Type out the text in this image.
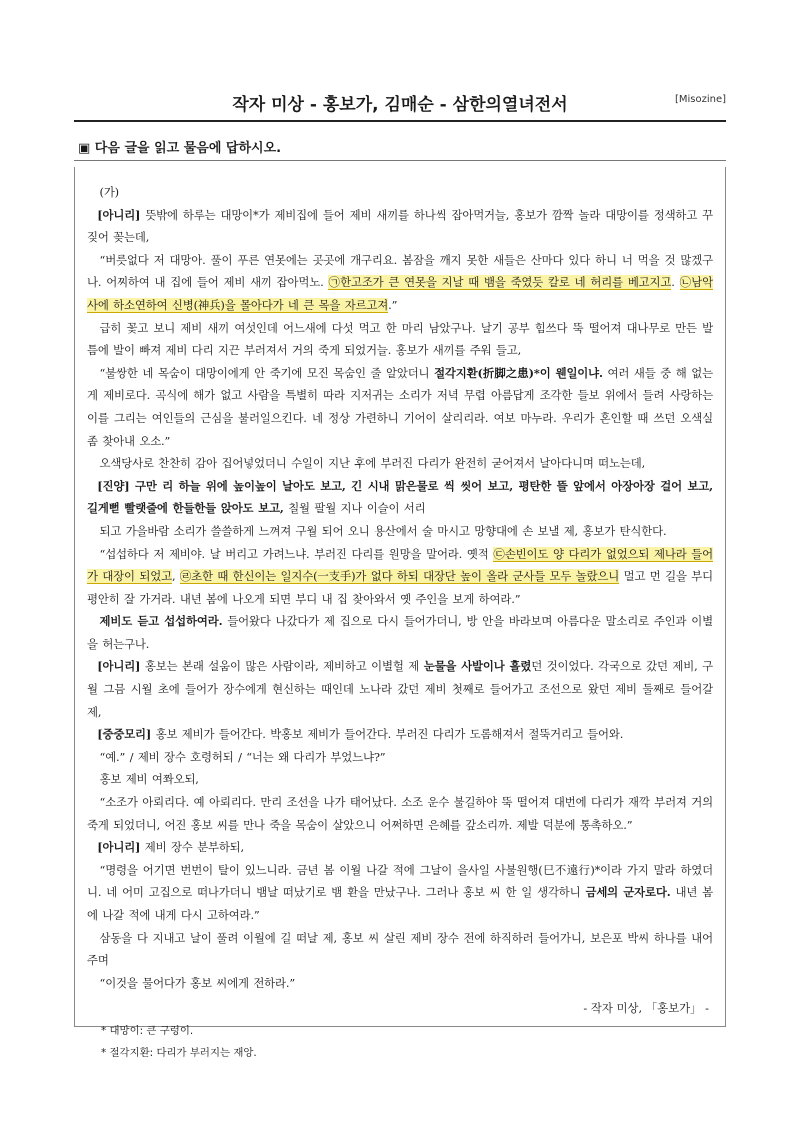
작자 미상 - 홍보가, 김매순 - 삼한의열녀전서	[Misozine]
▣ 다음 글을 읽고 물음에 답하시오.

(가)

[아니리] 뜻밖에 하루는 대망이*가 제비집에 들어 제비 새끼를 하나씩 잡아먹거늘, 홍보가 깜짝 놀라 대망이를 정색하고 꾸짖어 꽂는데,

“버릇없다 저 대망아. 풀이 푸른 연못에는 곳곳에 개구리요. 봄잠을 깨지 못한 새들은 산마다 있다 하니 너 먹을 것 많겠구나. 어찌하여 내 집에 들어 제비 새끼 잡아먹노. ㉠한고조가 큰 연못을 지날 때 뱀을 죽였듯 칼로 네 허리를 베고지고. ㉡남악사에 하소연하여 신병(神兵)을 몰아다가 네 큰 목을 자르고져.”

급히 꽃고 보니 제비 새끼 여섯인데 어느새에 다섯 먹고 한 마리 남았구나. 날기 공부 힘쓰다 뚝 떨어져 대나무로 만든 발 틈에 발이 빠져 제비 다리 지끈 부러져서 거의 죽게 되었거늘. 홍보가 새끼를 주워 들고,

“불쌍한 네 목숨이 대망이에게 안 죽기에 모진 목숨인 줄 알았더니 절각지환(折脚之患)*이 웬일이냐. 여러 새들 중 해 없는 게 제비로다. 곡식에 해가 없고 사람을 특별히 따라 지저귀는 소리가 저녁 무렵 아름답게 조각한 들보 위에서 들려 사랑하는 이를 그리는 여인들의 근심을 불러일으킨다. 네 정상 가련하니 기어이 살리리라. 여보 마누라. 우리가 혼인할 때 쓰던 오색실 좀 찾아내 오소.”

오색당사로 찬찬히 감아 집어넣었더니 수일이 지난 후에 부러진 다리가 완전히 굳어져서 날아다니며 떠노는데,

[진양] 구만 리 하늘 위에 높이높이 날아도 보고, 긴 시내 맑은물로 씩 씻어 보고, 평탄한 뜰 앞에서 아장아장 걸어 보고, 길게뻗 빨랫줄에 한들한들 앉아도 보고, 칠월 팔월 지나 이슬이 서리

되고 가을바람 소리가 쓸쓸하게 느껴져 구월 되어 오니 용산에서 술 마시고 망향대에 손 보낼 제, 홍보가 탄식한다.

“섭섭하다 저 제비야. 날 버리고 가려느냐. 부러진 다리를 원망을 말어라. 옛적 ㉢손빈이도 양 다리가 없었으되 제나라 들어가 대장이 되었고, ㉣초한 때 한신이는 일지수(一支手)가 없다 하되 대장단 높이 올라 군사들 모두 놀랐으니 멀고 먼 길을 부디 평안히 잘 가거라. 내년 봄에 나오게 되면 부디 내 집 찾아와서 옛 주인을 보게 하여라.”

제비도 듣고 섭섭하여라. 들어왔다 나갔다가 제 집으로 다시 들어가더니, 방 안을 바라보며 아름다운 말소리로 주인과 이별을 허는구나.

[아니리] 홍보는 본래 설움이 많은 사람이라, 제비하고 이별헐 제 눈물을 사발이나 흘렸던 것이었다. 각국으로 갔던 제비, 구월 그믐 시월 초에 들어가 장수에게 현신하는 때인데 노나라 갔던 제비 첫째로 들어가고 조선으로 왔던 제비 둘째로 들어갈 제,

[중중모리] 홍보 제비가 들어간다. 박홍보 제비가 들어간다. 부러진 다리가 도롬해져서 절뚝거리고 들어와.

“예.” / 제비 장수 호령허되 / “너는 왜 다리가 부었느냐?”

홍보 제비 여쫘오되,

“소조가 아뢰리다. 예 아뢰리다. 만리 조선을 나가 태어났다. 소조 운수 불길하야 뚝 떨어져 대번에 다리가 재깍 부러져 거의 죽게 되었더니, 어진 홍보 씨를 만나 죽을 목숨이 살았으니 어쩌하면 은혜를 갚소리까. 제발 덕분에 통촉하오.”

[아니리] 제비 장수 분부하되,

“명령을 어기면 번번이 탈이 있느니라. 금년 봄 이월 나갈 적에 그날이 을사일 사불원행(巳不遠行)*이라 가지 말라 하였더니. 네 어미 고집으로 떠나가더니 뱀날 떠났기로 뱀 환을 만났구나. 그러나 홍보 씨 한 일 생각하니 금세의 군자로다. 내년 봄에 나갈 적에 내게 다시 고하여라.”

삼동을 다 지내고 날이 풀려 이월에 길 떠날 제, 홍보 씨 살린 제비 장수 전에 하직하러 들어가니, 보은포 박씨 하나를 내어 주며

“이것을 물어다가 홍보 씨에게 전하라.”

- 작자 미상, 「홍보가」 -
* 대망이: 큰 구렁이.
* 절각지환: 다리가 부러지는 재앙.
